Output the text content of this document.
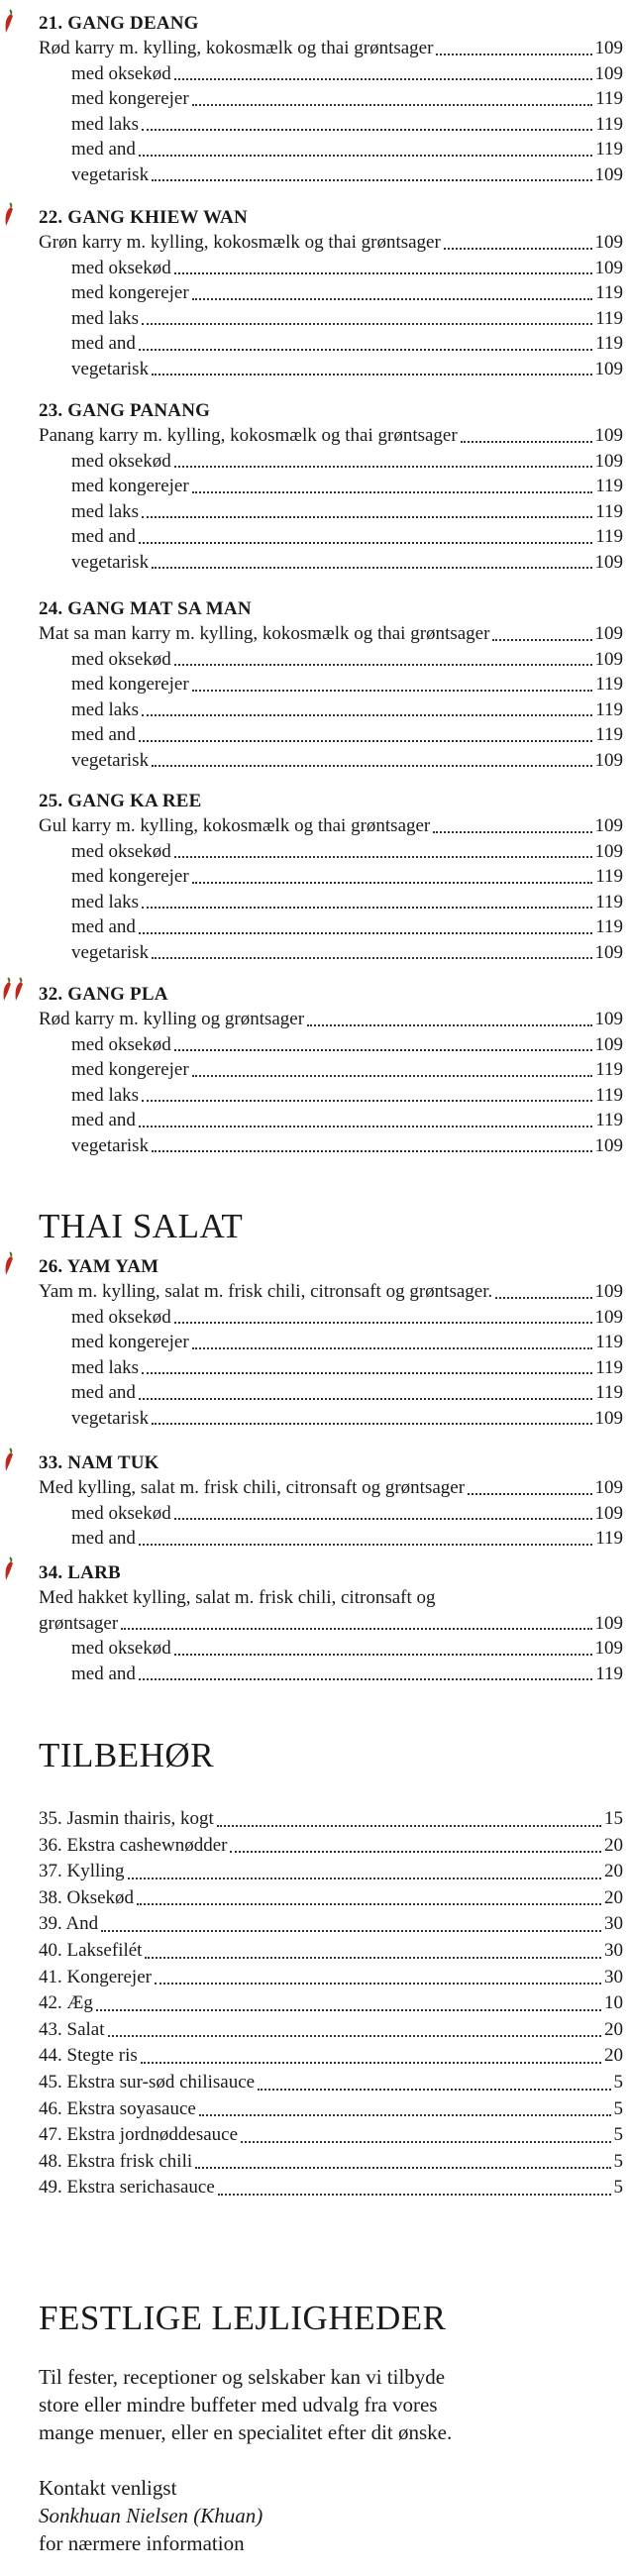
21. GANG DEANG
Rød karry m. kylling, kokosmælk og thai grøntsager	109
med oksekød	109
med kongerejer	119
med laks	119
med and	119
vegetarisk	109
22. GANG KHIEW WAN
Grøn karry m. kylling, kokosmælk og thai grøntsager	109
med oksekød	109
med kongerejer	119
med laks	119
med and	119
vegetarisk	109
23. GANG PANANG
Panang karry m. kylling, kokosmælk og thai grøntsager	109
med oksekød	109
med kongerejer	119
med laks	119
med and	119
vegetarisk	109
24. GANG MAT SA MAN
Mat sa man karry m. kylling, kokosmælk og thai grøntsager	109
med oksekød	109
med kongerejer	119
med laks	119
med and	119
vegetarisk	109
25. GANG KA REE
Gul karry m. kylling, kokosmælk og thai grøntsager	109
med oksekød	109
med kongerejer	119
med laks	119
med and	119
vegetarisk	109
32. GANG PLA
Rød karry m. kylling og grøntsager	109
med oksekød	109
med kongerejer	119
med laks	119
med and	119
vegetarisk	109
THAI SALAT
26. YAM YAM
Yam m. kylling, salat m. frisk chili, citronsaft og grøntsager.	109
med oksekød	109
med kongerejer	119
med laks	119
med and	119
vegetarisk	109
33. NAM TUK
Med kylling, salat m. frisk chili, citronsaft og grøntsager	109
med oksekød	109
med and	119
34. LARB
Med hakket kylling, salat m. frisk chili, citronsaft og
grøntsager	109
med oksekød	109
med and	119
TILBEHØR
35. Jasmin thairis, kogt	15
36. Ekstra cashewnødder	20
37. Kylling	20
38. Oksekød	20
39. And	30
40. Laksefilét	30
41. Kongerejer	30
42. Æg	10
43. Salat	20
44. Stegte ris	20
45. Ekstra sur-sød chilisauce	5
46. Ekstra soyasauce	5
47. Ekstra jordnøddesauce	5
48. Ekstra frisk chili	5
49. Ekstra serichasauce	5
FESTLIGE LEJLIGHEDER

Til fester, receptioner og selskaber kan vi tilbyde
store eller mindre buffeter med udvalg fra vores
mange menuer, eller en specialitet efter dit ønske.

Kontakt venligst
Sonkhuan Nielsen (Khuan)
for nærmere information
